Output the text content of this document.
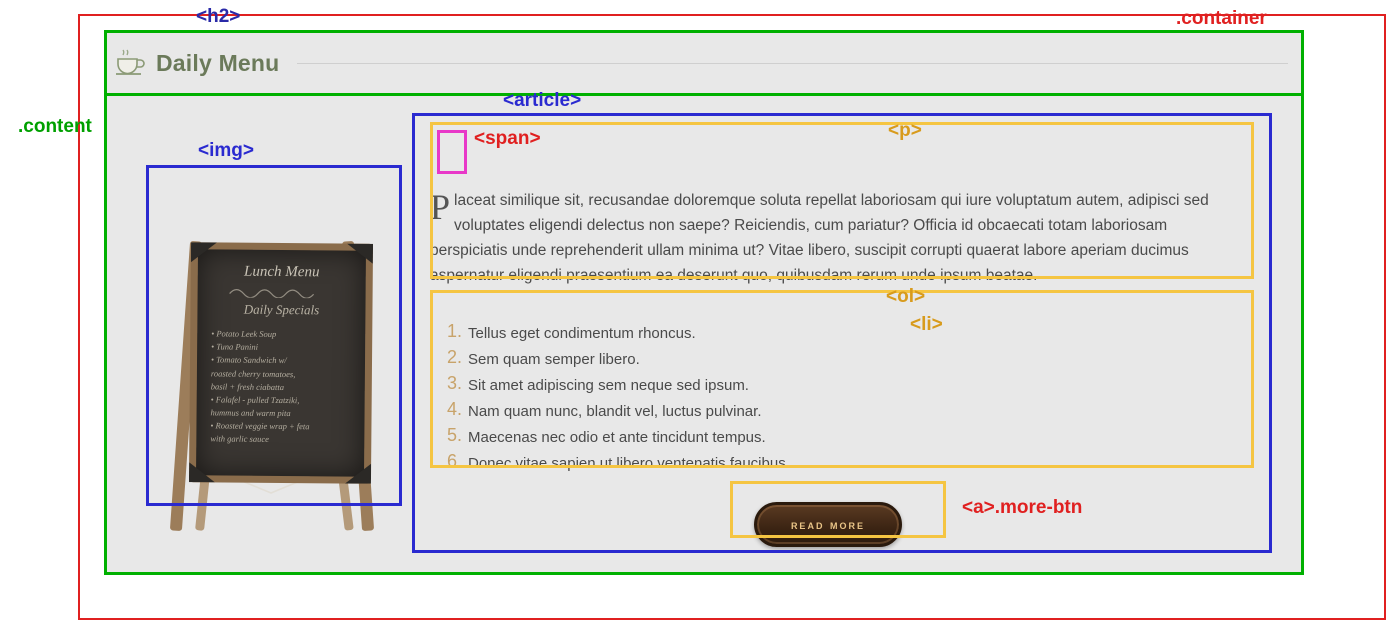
Daily Menu
Lunch Menu
Daily Specials
• Potato Leek Soup
• Tuna Panini
• Tomato Sandwich w/
roasted cherry tomatoes,
basil + fresh ciabatta
• Falafel - pulled Tzatziki,
hummus and warm pita
• Roasted veggie wrap + feta
with garlic sauce

Placeat similique sit, recusandae doloremque soluta repellat laboriosam qui iure voluptatum autem, adipisci sed voluptates eligendi delectus non saepe? Reiciendis, cum pariatur? Officia id obcaecati totam laboriosam perspiciatis unde reprehenderit ullam minima ut? Vitae libero, suscipit corrupti quaerat labore aperiam ducimus aspernatur eligendi praesentium ea deserunt quo, quibusdam rerum unde ipsum beatae.

Tellus eget condimentum rhoncus.
Sem quam semper libero.
Sit amet adipiscing sem neque sed ipsum.
Nam quam nunc, blandit vel, luctus pulvinar.
Maecenas nec odio et ante tincidunt tempus.
Donec vitae sapien ut libero ventenatis faucibus.
read more
.container
.content
<h2>
<article>
<img>
<p>
<span>
<ol>
<li>
<a>.more-btn
